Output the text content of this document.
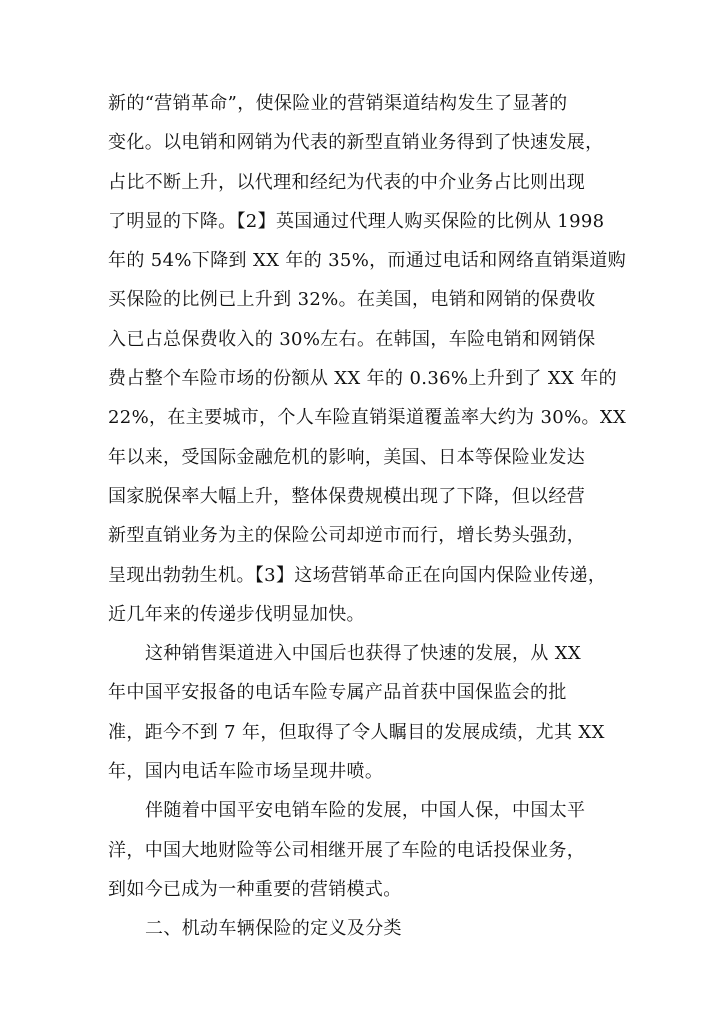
新的“营销革命”，使保险业的营销渠道结构发生了显著的
变化。以电销和网销为代表的新型直销业务得到了快速发展，
占比不断上升，以代理和经纪为代表的中介业务占比则出现
了明显的下降。【2】英国通过代理人购买保险的比例从 1998
年的 54%下降到 XX 年的 35%，而通过电话和网络直销渠道购
买保险的比例已上升到 32%。在美国，电销和网销的保费收
入已占总保费收入的 30%左右。在韩国，车险电销和网销保
费占整个车险市场的份额从 XX 年的 0.36%上升到了 XX 年的
22%，在主要城市，个人车险直销渠道覆盖率大约为 30%。XX
年以来，受国际金融危机的影响，美国、日本等保险业发达
国家脱保率大幅上升，整体保费规模出现了下降，但以经营
新型直销业务为主的保险公司却逆市而行，增长势头强劲，
呈现出勃勃生机。【3】这场营销革命正在向国内保险业传递，
近几年来的传递步伐明显加快。
这种销售渠道进入中国后也获得了快速的发展，从 XX
年中国平安报备的电话车险专属产品首获中国保监会的批
准，距今不到 7 年，但取得了令人瞩目的发展成绩，尤其 XX
年，国内电话车险市场呈现井喷。
伴随着中国平安电销车险的发展，中国人保，中国太平
洋，中国大地财险等公司相继开展了车险的电话投保业务，
到如今已成为一种重要的营销模式。
二、机动车辆保险的定义及分类
